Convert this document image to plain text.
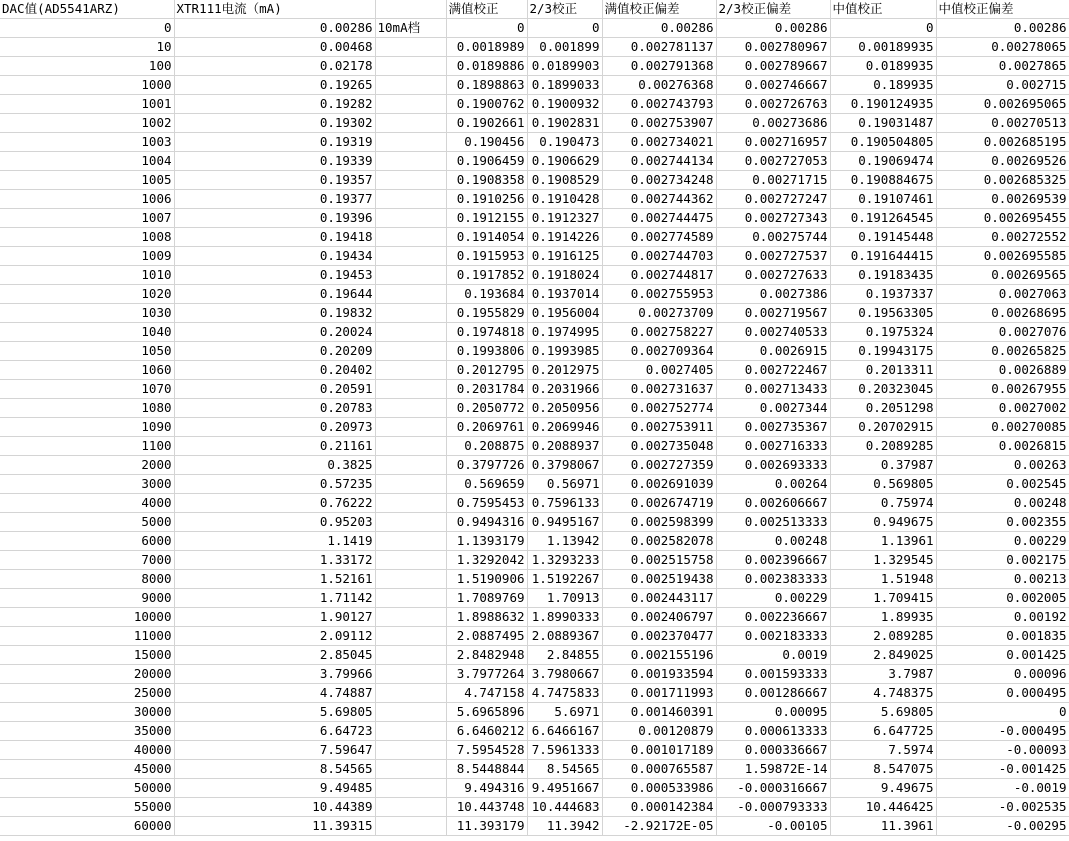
DAC值(AD5541ARZ)	XTR111电流（mA)		满值校正	2/3校正	满值校正偏差	2/3校正偏差	中值校正	中值校正偏差
0	0.00286	10mA档	0	0	0.00286	0.00286	0	0.00286
10	0.00468		0.0018989	0.001899	0.002781137	0.002780967	0.00189935	0.00278065
100	0.02178		0.0189886	0.0189903	0.002791368	0.002789667	0.0189935	0.0027865
1000	0.19265		0.1898863	0.1899033	0.00276368	0.002746667	0.189935	0.002715
1001	0.19282		0.1900762	0.1900932	0.002743793	0.002726763	0.190124935	0.002695065
1002	0.19302		0.1902661	0.1902831	0.002753907	0.00273686	0.19031487	0.00270513
1003	0.19319		0.190456	0.190473	0.002734021	0.002716957	0.190504805	0.002685195
1004	0.19339		0.1906459	0.1906629	0.002744134	0.002727053	0.19069474	0.00269526
1005	0.19357		0.1908358	0.1908529	0.002734248	0.00271715	0.190884675	0.002685325
1006	0.19377		0.1910256	0.1910428	0.002744362	0.002727247	0.19107461	0.00269539
1007	0.19396		0.1912155	0.1912327	0.002744475	0.002727343	0.191264545	0.002695455
1008	0.19418		0.1914054	0.1914226	0.002774589	0.00275744	0.19145448	0.00272552
1009	0.19434		0.1915953	0.1916125	0.002744703	0.002727537	0.191644415	0.002695585
1010	0.19453		0.1917852	0.1918024	0.002744817	0.002727633	0.19183435	0.00269565
1020	0.19644		0.193684	0.1937014	0.002755953	0.0027386	0.1937337	0.0027063
1030	0.19832		0.1955829	0.1956004	0.00273709	0.002719567	0.19563305	0.00268695
1040	0.20024		0.1974818	0.1974995	0.002758227	0.002740533	0.1975324	0.0027076
1050	0.20209		0.1993806	0.1993985	0.002709364	0.0026915	0.19943175	0.00265825
1060	0.20402		0.2012795	0.2012975	0.0027405	0.002722467	0.2013311	0.0026889
1070	0.20591		0.2031784	0.2031966	0.002731637	0.002713433	0.20323045	0.00267955
1080	0.20783		0.2050772	0.2050956	0.002752774	0.0027344	0.2051298	0.0027002
1090	0.20973		0.2069761	0.2069946	0.002753911	0.002735367	0.20702915	0.00270085
1100	0.21161		0.208875	0.2088937	0.002735048	0.002716333	0.2089285	0.0026815
2000	0.3825		0.3797726	0.3798067	0.002727359	0.002693333	0.37987	0.00263
3000	0.57235		0.569659	0.56971	0.002691039	0.00264	0.569805	0.002545
4000	0.76222		0.7595453	0.7596133	0.002674719	0.002606667	0.75974	0.00248
5000	0.95203		0.9494316	0.9495167	0.002598399	0.002513333	0.949675	0.002355
6000	1.1419		1.1393179	1.13942	0.002582078	0.00248	1.13961	0.00229
7000	1.33172		1.3292042	1.3293233	0.002515758	0.002396667	1.329545	0.002175
8000	1.52161		1.5190906	1.5192267	0.002519438	0.002383333	1.51948	0.00213
9000	1.71142		1.7089769	1.70913	0.002443117	0.00229	1.709415	0.002005
10000	1.90127		1.8988632	1.8990333	0.002406797	0.002236667	1.89935	0.00192
11000	2.09112		2.0887495	2.0889367	0.002370477	0.002183333	2.089285	0.001835
15000	2.85045		2.8482948	2.84855	0.002155196	0.0019	2.849025	0.001425
20000	3.79966		3.7977264	3.7980667	0.001933594	0.001593333	3.7987	0.00096
25000	4.74887		4.747158	4.7475833	0.001711993	0.001286667	4.748375	0.000495
30000	5.69805		5.6965896	5.6971	0.001460391	0.00095	5.69805	0
35000	6.64723		6.6460212	6.6466167	0.00120879	0.000613333	6.647725	-0.000495
40000	7.59647		7.5954528	7.5961333	0.001017189	0.000336667	7.5974	-0.00093
45000	8.54565		8.5448844	8.54565	0.000765587	1.59872E-14	8.547075	-0.001425
50000	9.49485		9.494316	9.4951667	0.000533986	-0.000316667	9.49675	-0.0019
55000	10.44389		10.443748	10.444683	0.000142384	-0.000793333	10.446425	-0.002535
60000	11.39315		11.393179	11.3942	-2.92172E-05	-0.00105	11.3961	-0.00295
